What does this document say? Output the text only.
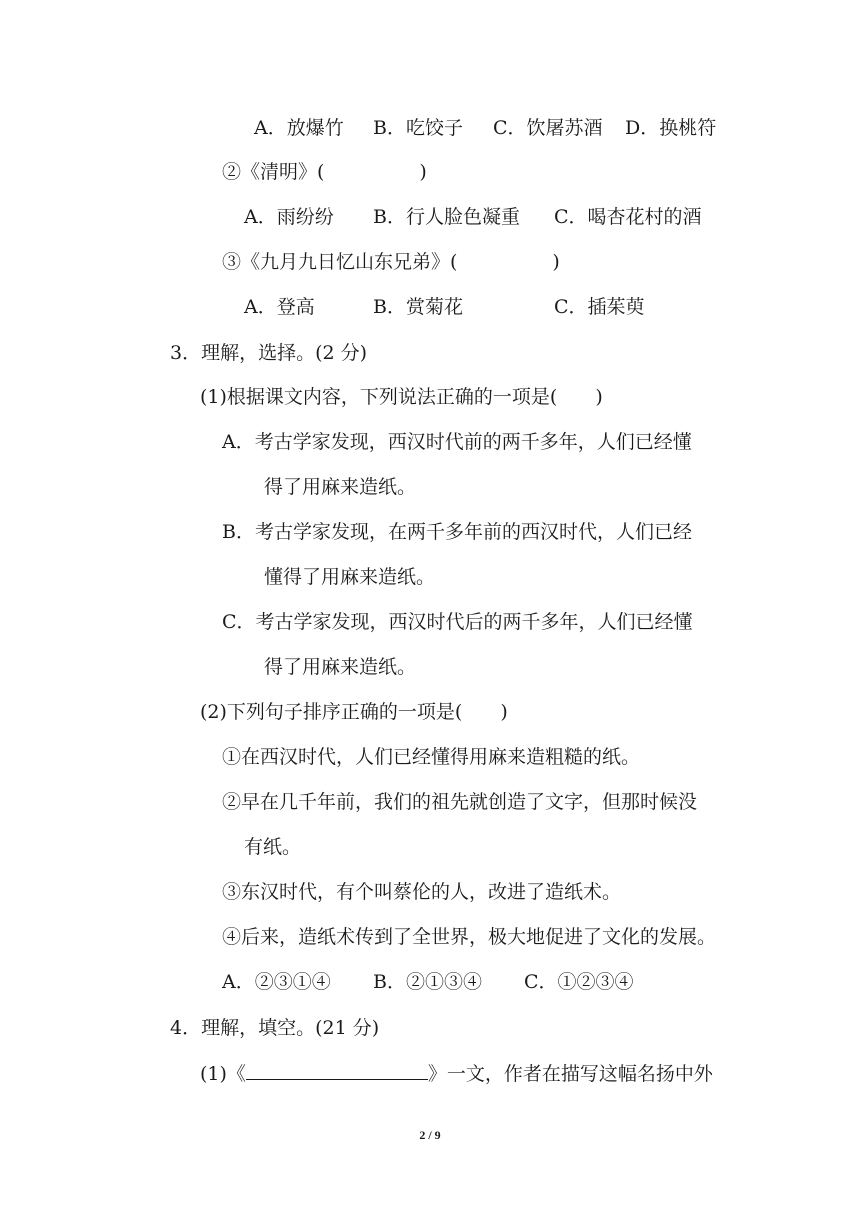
A．放爆竹 B．吃饺子 C．饮屠苏酒 D．换桃符
②《清明》(　　　　　)
A．雨纷纷 B．行人脸色凝重 C．喝杏花村的酒
③《九月九日忆山东兄弟》(　　　　　)
A．登高	B．赏菊花	C．插茱萸
3．理解，选择。(2 分)
(1)根据课文内容，下列说法正确的一项是(　　)
A．考古学家发现，西汉时代前的两千多年，人们已经懂
得了用麻来造纸。
B．考古学家发现，在两千多年前的西汉时代，人们已经
懂得了用麻来造纸。
C．考古学家发现，西汉时代后的两千多年，人们已经懂
得了用麻来造纸。
(2)下列句子排序正确的一项是(　　)
①在西汉时代，人们已经懂得用麻来造粗糙的纸。
②早在几千年前，我们的祖先就创造了文字，但那时候没
有纸。
③东汉时代，有个叫蔡伦的人，改进了造纸术。
④后来，造纸术传到了全世界，极大地促进了文化的发展。
A．②③①④ B．②①③④ C．①②③④
4．理解，填空。(21 分)
(1)《	》一文，作者在描写这幅名扬中外
2 / 9
